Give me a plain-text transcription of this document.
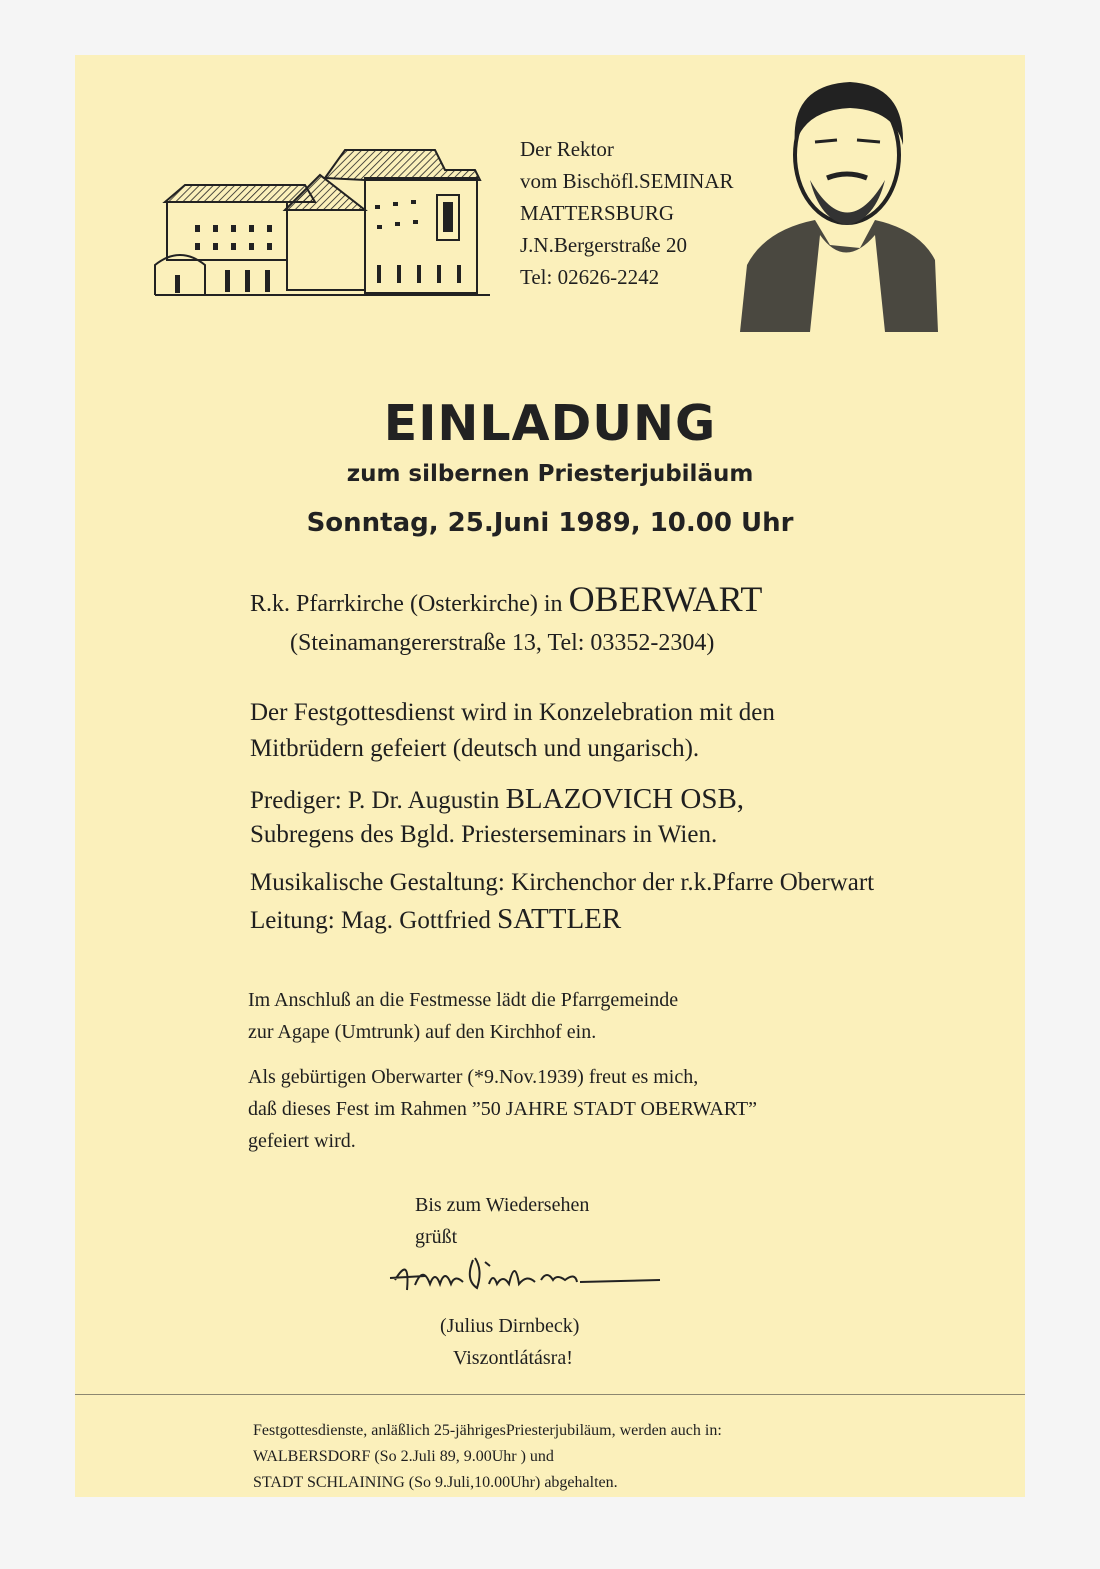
Der Rektor
vom Bischöfl.SEMINAR
MATTERSBURG
J.N.Bergerstraße 20
Tel: 02626-2242
EINLADUNG
zum silbernen Priesterjubiläum
Sonntag, 25.Juni 1989, 10.00 Uhr
R.k. Pfarrkirche (Osterkirche) in OBERWART
(Steinamangererstraße 13, Tel: 03352-2304)
Der Festgottesdienst wird in Konzelebration mit den
Mitbrüdern gefeiert (deutsch und ungarisch).
Prediger: P. Dr. Augustin BLAZOVICH OSB,
Subregens des Bgld. Priesterseminars in Wien.
Musikalische Gestaltung: Kirchenchor der r.k.Pfarre Oberwart
Leitung: Mag. Gottfried SATTLER
Im Anschluß an die Festmesse lädt die Pfarrgemeinde
zur Agape (Umtrunk) auf den Kirchhof ein.
Als gebürtigen Oberwarter (*9.Nov.1939) freut es mich,
daß dieses Fest im Rahmen ”50 JAHRE STADT OBERWART”
gefeiert wird.
Bis zum Wiedersehen
grüßt
(Julius Dirnbeck)
Viszontlátásra!
Festgottesdienste, anläßlich 25-jährigesPriesterjubiläum, werden auch in:
WALBERSDORF (So 2.Juli 89, 9.00Uhr ) und
STADT SCHLAINING (So 9.Juli,10.00Uhr) abgehalten.
